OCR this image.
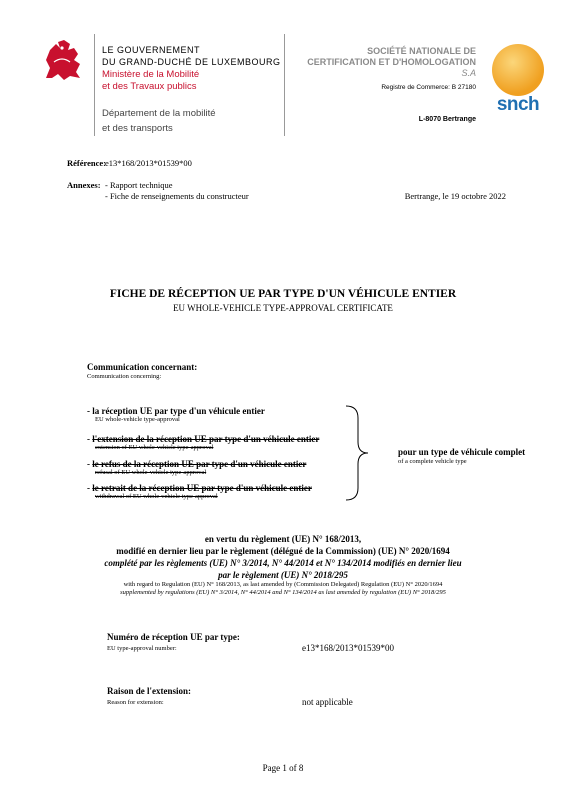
LE GOUVERNEMENT
DU GRAND-DUCHÉ DE LUXEMBOURG
Ministère de la Mobilité
et des Travaux publics
Département de la mobilité
et des transports
SOCIÉTÉ NATIONALE DE
CERTIFICATION ET D'HOMOLOGATION
S.A
Registre de Commerce: B 27180
L-8070 Bertrange
snch
Référence:
e13*168/2013*01539*00
Annexes: - Rapport technique
- Fiche de renseignements du constructeur	Bertrange, le 19 octobre 2022
FICHE DE RÉCEPTION UE PAR TYPE D'UN VÉHICULE ENTIER
EU WHOLE-VEHICLE TYPE-APPROVAL CERTIFICATE
Communication concernant:
Communication concerning:
- la réception UE par type d'un véhicule entier
EU whole-vehicle type-approval
- l'extension de la réception UE par type d'un véhicule entier
extension of EU whole-vehicle type-approval
- le refus de la réception UE par type d'un véhicule entier
refusal of EU whole-vehicle type-approval
- le retrait de la réception UE par type d'un véhicule entier
withdrawal of EU whole-vehicle type-approval
pour un type de véhicule complet
of a complete vehicle type
en vertu du règlement (UE) N° 168/2013,
modifié en dernier lieu par le règlement (délégué de la Commission) (UE) N° 2020/1694
complété par les règlements (UE) N° 3/2014, N° 44/2014 et N° 134/2014 modifiés en dernier lieu
par le règlement (UE) N° 2018/295
with regard to Regulation (EU) N° 168/2013, as last amended by (Commission Delegated) Regulation (EU) N° 2020/1694
supplemented by regulations (EU) N° 3/2014, N° 44/2014 and N° 134/2014 as last amended by regulation (EU) N° 2018/295
Numéro de réception UE par type:
EU type-approval number:	e13*168/2013*01539*00
Raison de l'extension:
Reason for extension:	not applicable
Page 1 of 8
